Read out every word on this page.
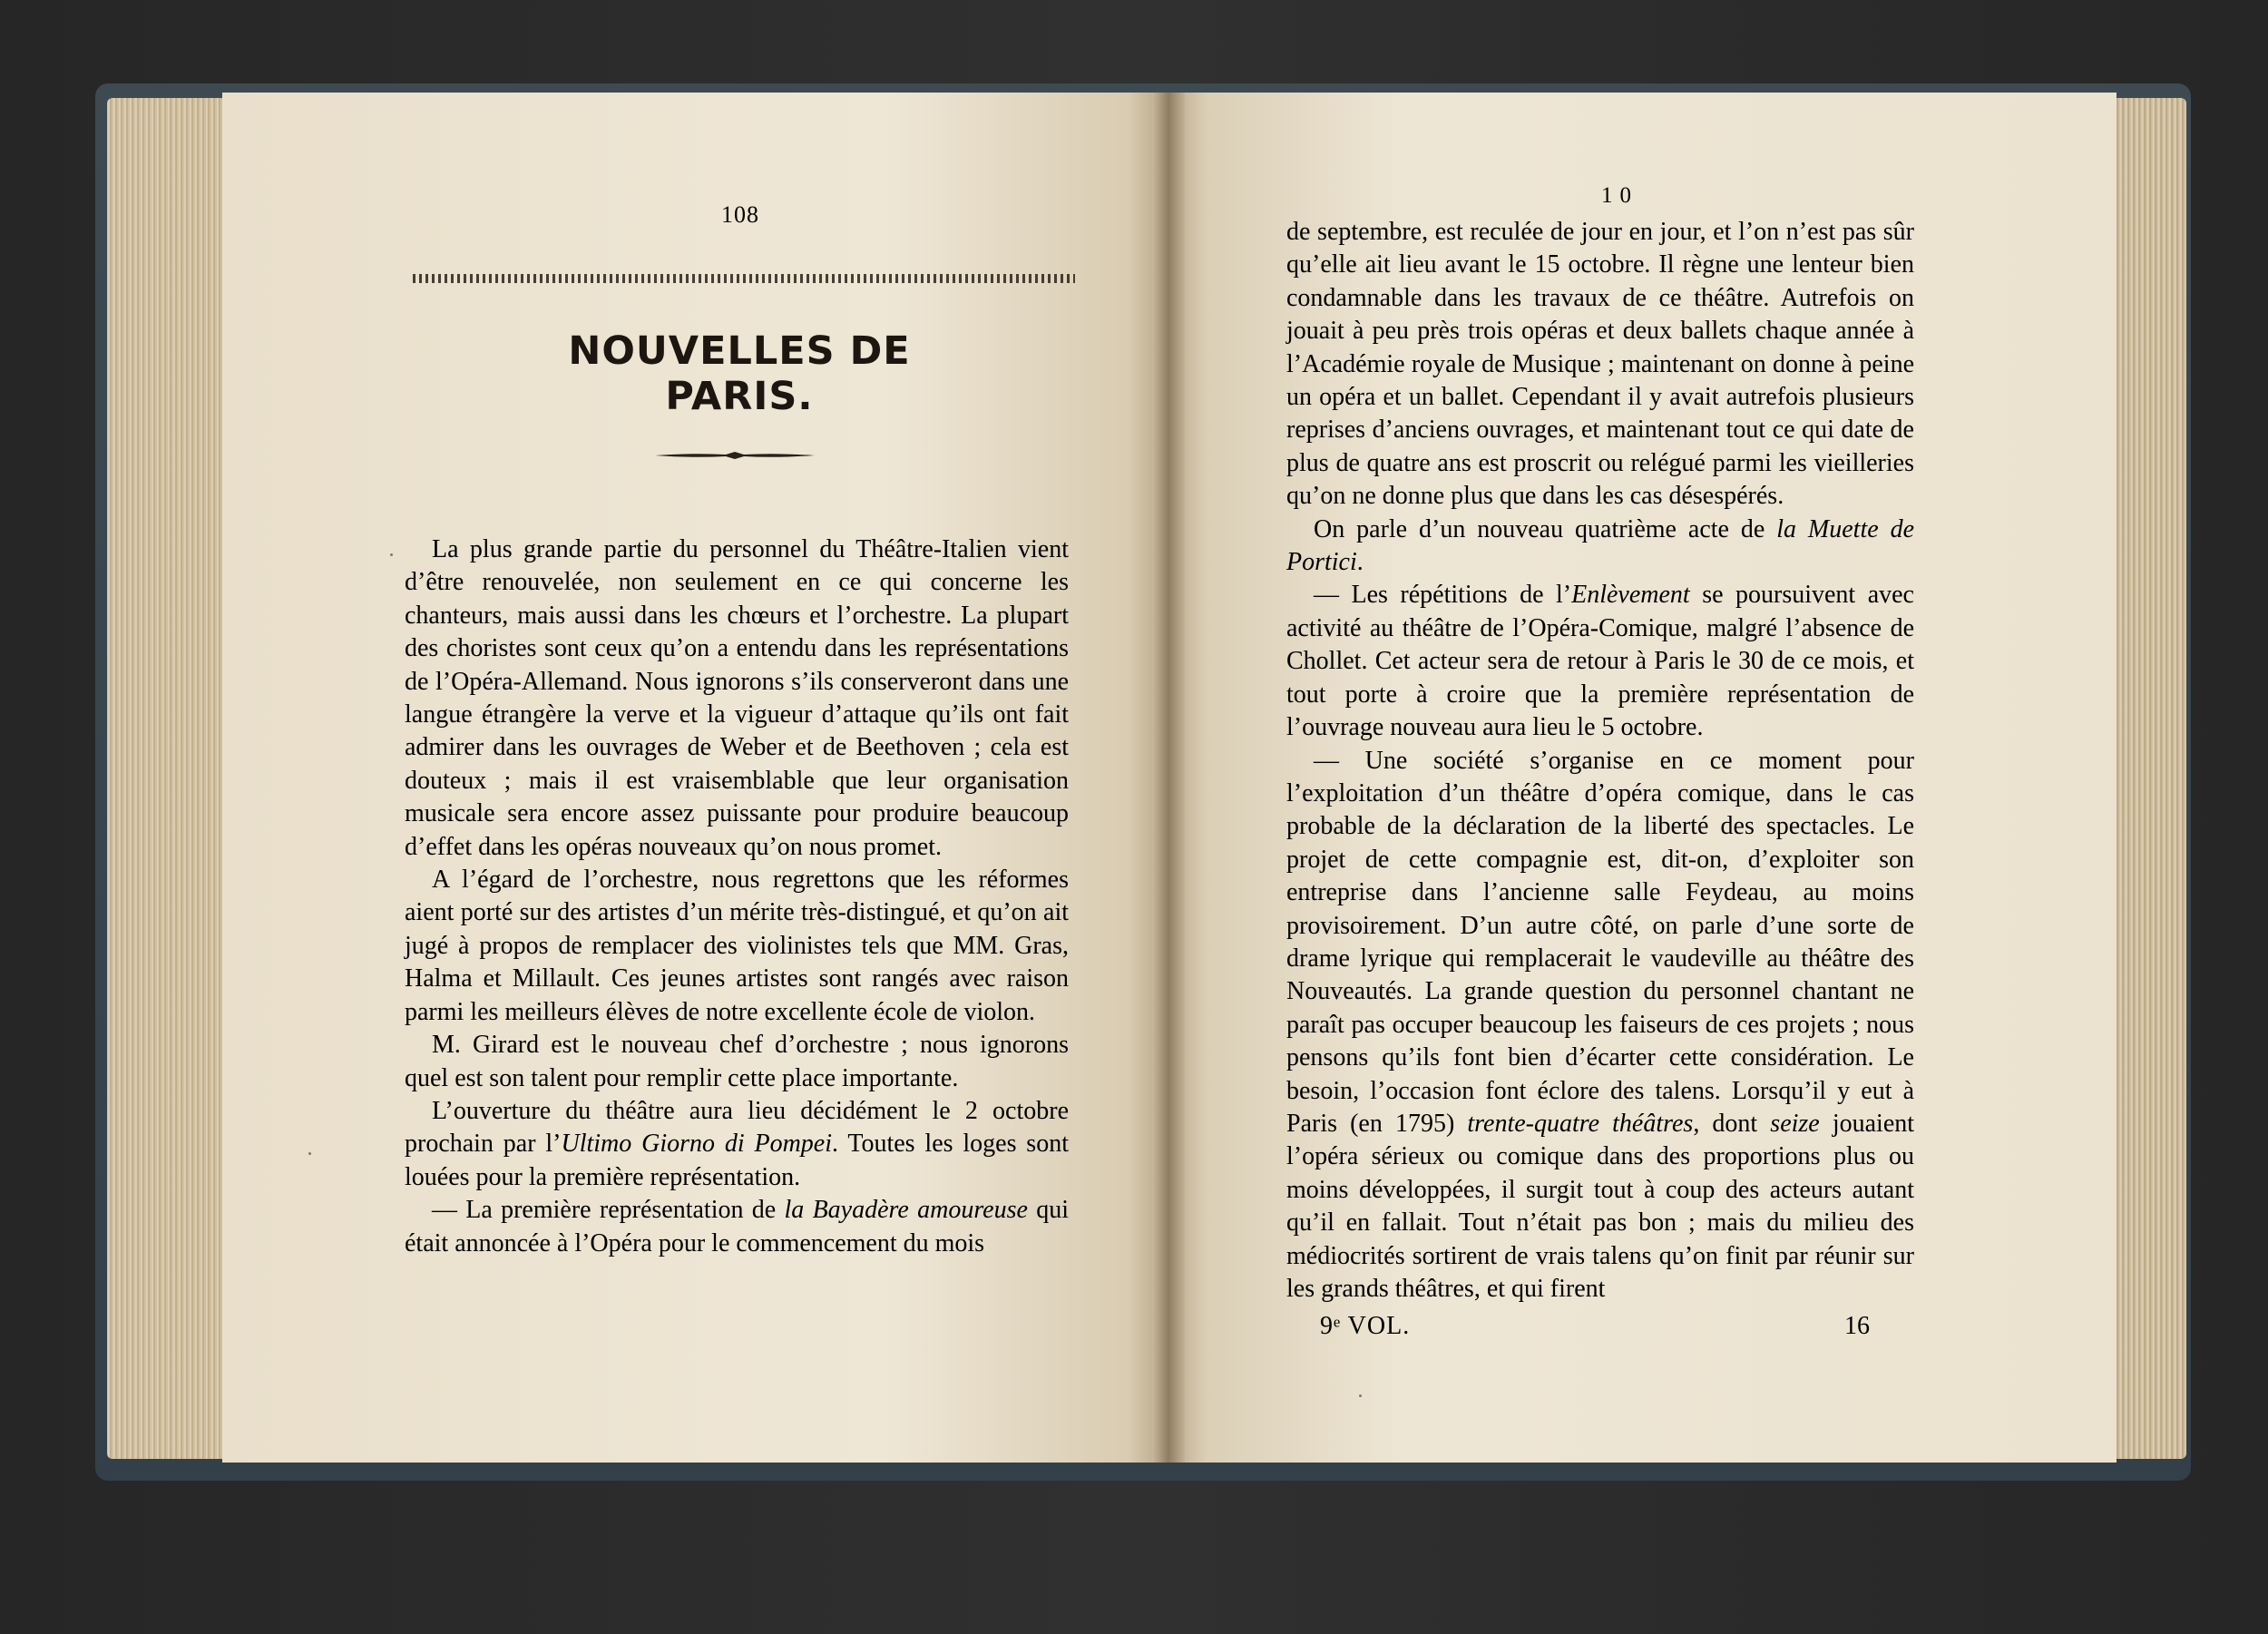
108
NOUVELLES DE PARIS.

La plus grande partie du personnel du Théâtre-Italien vient d’être renouvelée, non seulement en ce qui concerne les chanteurs, mais aussi dans les chœurs et l’orchestre. La plupart des choristes sont ceux qu’on a entendu dans les représentations de l’Opéra-Allemand. Nous ignorons s’ils conserveront dans une langue étrangère la verve et la vigueur d’attaque qu’ils ont fait admirer dans les ouvrages de Weber et de Beethoven ; cela est douteux ; mais il est vraisemblable que leur organisation musicale sera encore assez puissante pour produire beaucoup d’effet dans les opéras nouveaux qu’on nous promet.

A l’égard de l’orchestre, nous regrettons que les réformes aient porté sur des artistes d’un mérite très-distingué, et qu’on ait jugé à propos de remplacer des violinistes tels que MM. Gras, Halma et Millault. Ces jeunes artistes sont rangés avec raison parmi les meilleurs élèves de notre excellente école de violon.

M. Girard est le nouveau chef d’orchestre ; nous ignorons quel est son talent pour remplir cette place importante.

L’ouverture du théâtre aura lieu décidément le 2 octobre prochain par l’Ultimo Giorno di Pompei. Toutes les loges sont louées pour la première représentation.

— La première représentation de la Bayadère amoureuse qui était annoncée à l’Opéra pour le commencement du mois

10

de septembre, est reculée de jour en jour, et l’on n’est pas sûr qu’elle ait lieu avant le 15 octobre. Il règne une lenteur bien condamnable dans les travaux de ce théâtre. Autrefois on jouait à peu près trois opéras et deux ballets chaque année à l’Académie royale de Musique ; maintenant on donne à peine un opéra et un ballet. Cependant il y avait autrefois plusieurs reprises d’anciens ouvrages, et maintenant tout ce qui date de plus de quatre ans est proscrit ou relégué parmi les vieilleries qu’on ne donne plus que dans les cas désespérés.

On parle d’un nouveau quatrième acte de la Muette de Portici.

— Les répétitions de l’Enlèvement se poursuivent avec activité au théâtre de l’Opéra-Comique, malgré l’absence de Chollet. Cet acteur sera de retour à Paris le 30 de ce mois, et tout porte à croire que la première représentation de l’ouvrage nouveau aura lieu le 5 octobre.

— Une société s’organise en ce moment pour l’exploitation d’un théâtre d’opéra comique, dans le cas probable de la déclaration de la liberté des spectacles. Le projet de cette compagnie est, dit-on, d’exploiter son entreprise dans l’ancienne salle Feydeau, au moins provisoirement. D’un autre côté, on parle d’une sorte de drame lyrique qui remplacerait le vaudeville au théâtre des Nouveautés. La grande question du personnel chantant ne paraît pas occuper beaucoup les faiseurs de ces projets ; nous pensons qu’ils font bien d’écarter cette considération. Le besoin, l’occasion font éclore des talens. Lorsqu’il y eut à Paris (en 1795) trente-quatre théâtres, dont seize jouaient l’opéra sérieux ou comique dans des proportions plus ou moins développées, il surgit tout à coup des acteurs autant qu’il en fallait. Tout n’était pas bon ; mais du milieu des médiocrités sortirent de vrais talens qu’on finit par réunir sur les grands théâtres, et qui firent

9ᵉ VOL.	16
